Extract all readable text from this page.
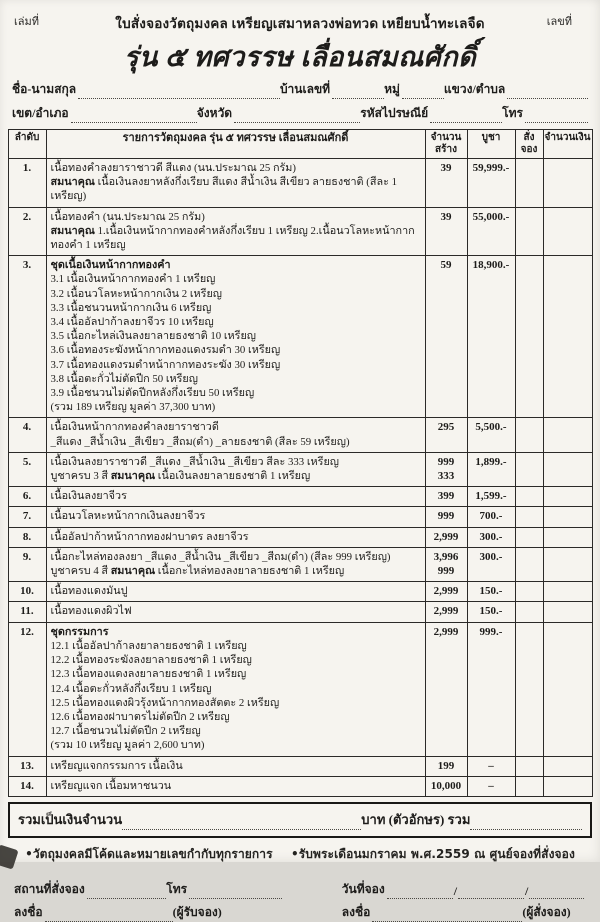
เล่มที่	เลขที่
ใบสั่งจองวัตถุมงคล เหรียญเสมาหลวงพ่อทวด เหยียบน้ำทะเลจืด
รุ่น ๕ ทศวรรษ เลื่อนสมณศักดิ์
ชื่อ-นามสกุล	บ้านเลขที่	หมู่	แขวง/ตำบล
เขต/อำเภอ	จังหวัด	รหัสไปรษณีย์	โทร
ลำดับ	รายการวัตถุมงคล รุ่น ๕ ทศวรรษ เลื่อนสมณศักดิ์	จำนวนสร้าง	บูชา	สั่งจอง	จำนวนเงิน
1.	เนื้อทองคำลงยาราชาวดี สีแดง (นน.ประมาณ 25 กรัม)
สมนาคุณ เนื้อเงินลงยาหลังกึ่งเรียบ สีแดง สีน้ำเงิน สีเขียว ลายธงชาติ (สีละ 1 เหรียญ)	39	59,999.-		
2.	เนื้อทองคำ (นน.ประมาณ 25 กรัม)
สมนาคุณ 1.เนื้อเงินหน้ากากทองคำหลังกึ่งเรียบ 1 เหรียญ 2.เนื้อนวโลหะหน้ากากทองคำ 1 เหรียญ	39	55,000.-		
3.	ชุดเนื้อเงินหน้ากากทองคำ
3.1 เนื้อเงินหน้ากากทองคำ 1 เหรียญ
3.2 เนื้อนวโลหะหน้ากากเงิน 2 เหรียญ
3.3 เนื้อชนวนหน้ากากเงิน 6 เหรียญ
3.4 เนื้ออัลปาก้าลงยาจีวร 10 เหรียญ
3.5 เนื้อกะไหล่เงินลงยาลายธงชาติ 10 เหรียญ
3.6 เนื้อทองระฆังหน้ากากทองแดงรมดำ 30 เหรียญ
3.7 เนื้อทองแดงรมดำหน้ากากทองระฆัง 30 เหรียญ
3.8 เนื้อตะกั่วไม่ตัดปีก 50 เหรียญ
3.9 เนื้อชนวนไม่ตัดปีกหลังกึ่งเรียบ 50 เหรียญ
(รวม 189 เหรียญ มูลค่า 37,300 บาท)

59	18,900.-		
4.	เนื้อเงินหน้ากากทองคำลงยาราชาวดี
_สีแดง _สีน้ำเงิน _สีเขียว _สีถม(ดำ) _ลายธงชาติ (สีละ 59 เหรียญ)	295	5,500.-		
5.	เนื้อเงินลงยาราชาวดี _สีแดง _สีน้ำเงิน _สีเขียว สีละ 333 เหรียญ
บูชาครบ 3 สี สมนาคุณ เนื้อเงินลงยาลายธงชาติ 1 เหรียญ

999
333
	1,899.-		
6.	เนื้อเงินลงยาจีวร	399	1,599.-		
7.	เนื้อนวโลหะหน้ากากเงินลงยาจีวร	999	700.-		
8.	เนื้ออัลปาก้าหน้ากากทองฝาบาตร ลงยาจีวร	2,999	300.-		
9.	เนื้อกะไหล่ทองลงยา _สีแดง _สีน้ำเงิน _สีเขียว _สีถม(ดำ) (สีละ 999 เหรียญ)
บูชาครบ 4 สี สมนาคุณ เนื้อกะไหล่ทองลงยาลายธงชาติ 1 เหรียญ

3,996
999
	300.-		
10.	เนื้อทองแดงมันปู	2,999	150.-		
11.	เนื้อทองแดงผิวไฟ	2,999	150.-		
12.	ชุดกรรมการ
12.1 เนื้ออัลปาก้าลงยาลายธงชาติ 1 เหรียญ
12.2 เนื้อทองระฆังลงยาลายธงชาติ 1 เหรียญ
12.3 เนื้อทองแดงลงยาลายธงชาติ 1 เหรียญ
12.4 เนื้อตะกั่วหลังกึ่งเรียบ 1 เหรียญ
12.5 เนื้อทองแดงผิวรุ้งหน้ากากทองสัตตะ 2 เหรียญ
12.6 เนื้อทองฝาบาตรไม่ตัดปีก 2 เหรียญ
12.7 เนื้อชนวนไม่ตัดปีก 2 เหรียญ
(รวม 10 เหรียญ มูลค่า 2,600 บาท)

2,999	999.-		
13.	เหรียญแจกกรรมการ เนื้อเงิน	199	–		
14.	เหรียญแจก เนื้อมหาชนวน	10,000	–		
รวมเป็นเงินจำนวน	บาท (ตัวอักษร) รวม
•วัตถุมงคลมีโค้ดและหมายเลขกำกับทุกรายการ •รับพระเดือนมกราคม พ.ศ.2559 ณ ศูนย์จองที่สั่งจอง
สถานที่สั่งจอง	โทร
ลงชื่อ	(ผู้รับจอง)
วันที่จอง	/	/
ลงชื่อ	(ผู้สั่งจอง)
